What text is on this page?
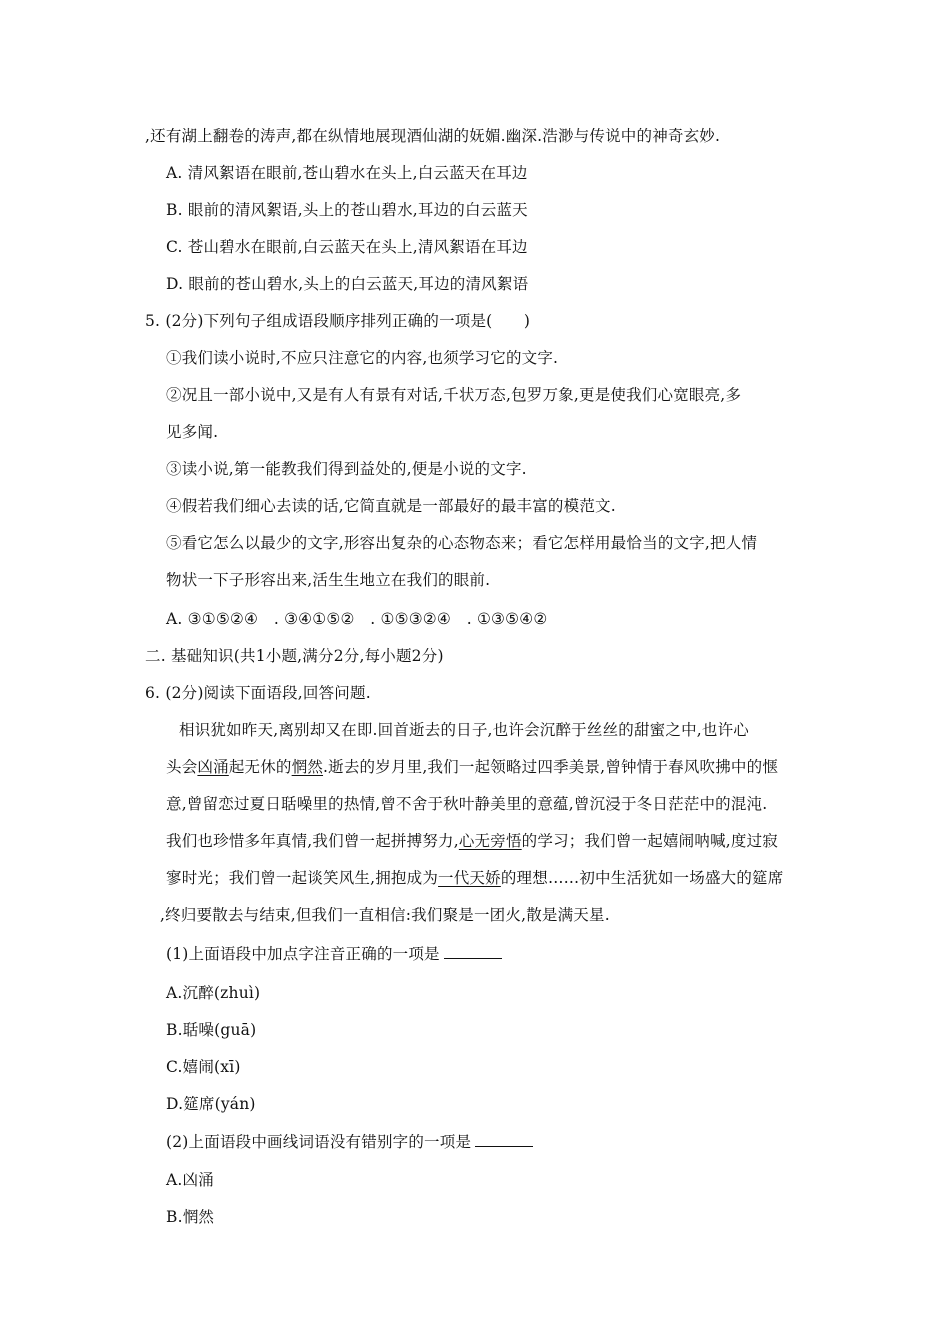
,还有湖上翻卷的涛声,都在纵情地展现酒仙湖的妩媚.幽深.浩渺与传说中的神奇玄妙.
A. 清风絮语在眼前,苍山碧水在头上,白云蓝天在耳边
B. 眼前的清风絮语,头上的苍山碧水,耳边的白云蓝天
C. 苍山碧水在眼前,白云蓝天在头上,清风絮语在耳边
D. 眼前的苍山碧水,头上的白云蓝天,耳边的清风絮语
5. (2分)下列句子组成语段顺序排列正确的一项是(　　)
①我们读小说时,不应只注意它的内容,也须学习它的文字.
②况且一部小说中,又是有人有景有对话,千状万态,包罗万象,更是使我们心宽眼亮,多
见多闻.
③读小说,第一能教我们得到益处的,便是小说的文字.
④假若我们细心去读的话,它简直就是一部最好的最丰富的模范文.
⑤看它怎么以最少的文字,形容出复杂的心态物态来；看它怎样用最恰当的文字,把人情
物状一下子形容出来,活生生地立在我们的眼前.
A. ③①⑤②④　. ③④①⑤②　. ①⑤③②④　. ①③⑤④②
二. 基础知识(共1小题,满分2分,每小题2分)
6. (2分)阅读下面语段,回答问题.
相识犹如昨天,离别却又在即.回首逝去的日子,也许会沉醉于丝丝的甜蜜之中,也许心
头会凶涌起无休的惘然.逝去的岁月里,我们一起领略过四季美景,曾钟情于春风吹拂中的惬
意,曾留恋过夏日聒噪里的热情,曾不舍于秋叶静美里的意蕴,曾沉浸于冬日茫茫中的混沌.
我们也珍惜多年真情,我们曾一起拼搏努力,心无旁悟的学习；我们曾一起嬉闹呐喊,度过寂
寥时光；我们曾一起谈笑风生,拥抱成为一代天娇的理想……初中生活犹如一场盛大的筵席
,终归要散去与结束,但我们一直相信:我们聚是一团火,散是满天星.
(1)上面语段中加点字注音正确的一项是
A.沉醉(zhuì)
B.聒噪(guā)
C.嬉闹(xī)
D.筵席(yán)
(2)上面语段中画线词语没有错别字的一项是
A.凶涌
B.惘然
